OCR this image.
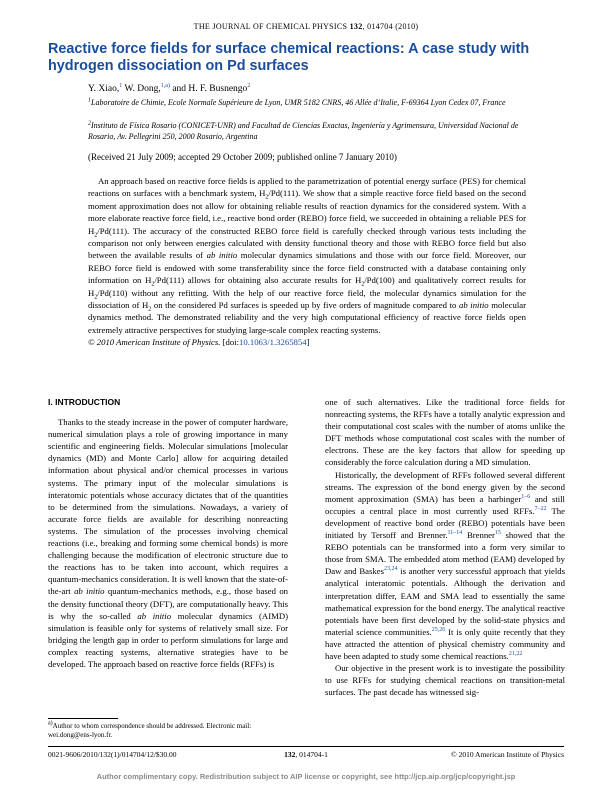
THE JOURNAL OF CHEMICAL PHYSICS 132, 014704 (2010)
Reactive force fields for surface chemical reactions: A case study with hydrogen dissociation on Pd surfaces
Y. Xiao,$^1$ W. Dong,$^{1,a)}$ and H. F. Busnengo$^2$
$^1$Laboratoire de Chimie, Ecole Normale Supérieure de Lyon, UMR 5182 CNRS, 46 Allée d’Italie, F-69364 Lyon Cedex 07, France
$^2$Instituto de Física Rosario (CONICET-UNR) and Facultad de Ciencias Exactas, Ingeniería y Agrimensura, Universidad Nacional de Rosario, Av. Pellegrini 250, 2000 Rosario, Argentina
(Received 21 July 2009; accepted 29 October 2009; published online 7 January 2010)

An approach based on reactive force fields is applied to the parametrization of potential energy surface (PES) for chemical reactions on surfaces with a benchmark system, $H_2/Pd(111)$. We show that a simple reactive force field based on the second moment approximation does not allow for obtaining reliable results of reaction dynamics for the considered system. With a more elaborate reactive force field, i.e., reactive bond order (REBO) force field, we succeeded in obtaining a reliable PES for $H_2/Pd(111)$. The accuracy of the constructed REBO force field is carefully checked through various tests including the comparison not only between energies calculated with density functional theory and those with REBO force field but also between the available results of ab initio molecular dynamics simulations and those with our force field. Moreover, our REBO force field is endowed with some transferability since the force field constructed with a database containing only information on $H_2/Pd(111)$ allows for obtaining also accurate results for $H_2/Pd(100)$ and qualitatively correct results for $H_2/Pd(110)$ without any refitting. With the help of our reactive force field, the molecular dynamics simulation for the dissociation of $H_2$ on the considered Pd surfaces is speeded up by five orders of magnitude compared to ab initio molecular dynamics method. The demonstrated reliability and the very high computational efficiency of reactive force fields open extremely attractive perspectives for studying large-scale complex reacting systems.
© 2010 American Institute of Physics. [doi:10.1063/1.3265854]

I. INTRODUCTION

Thanks to the steady increase in the power of computer hardware, numerical simulation plays a role of growing importance in many scientific and engineering fields. Molecular simulations [molecular dynamics (MD) and Monte Carlo] allow for acquiring detailed information about physical and/or chemical processes in various systems. The primary input of the molecular simulations is interatomic potentials whose accuracy dictates that of the quantities to be determined from the simulations. Nowadays, a variety of accurate force fields are available for describing nonreacting systems. The simulation of the processes involving chemical reactions (i.e., breaking and forming some chemical bonds) is more challenging because the modification of electronic structure due to the reactions has to be taken into account, which requires a quantum-mechanics consideration. It is well known that the state-of-the-art ab initio quantum-mechanics methods, e.g., those based on the density functional theory (DFT), are computationally heavy. This is why the so-called ab initio molecular dynamics (AIMD) simulation is feasible only for systems of relatively small size. For bridging the length gap in order to perform simulations for large and complex reacting systems, alternative strategies have to be developed. The approach based on reactive force fields (RFFs) is

one of such alternatives. Like the traditional force fields for nonreacting systems, the RFFs have a totally analytic expression and their computational cost scales with the number of atoms unlike the DFT methods whose computational cost scales with the number of electrons. These are the key factors that allow for speeding up considerably the force calculation during a MD simulation.

Historically, the development of RFFs followed several different streams. The expression of the bond energy given by the second moment approximation (SMA) has been a harbinger$^{1-6}$ and still occupies a central place in most currently used RFFs.$^{7-22}$ The development of reactive bond order (REBO) potentials have been initiated by Tersoff and Brenner.$^{11-14}$ Brenner$^{15}$ showed that the REBO potentials can be transformed into a form very similar to those from SMA. The embedded atom method (EAM) developed by Daw and Baskes$^{23,24}$ is another very successful approach that yields analytical interatomic potentials. Although the derivation and interpretation differ, EAM and SMA lead to essentially the same mathematical expression for the bond energy. The analytical reactive potentials have been first developed by the solid-state physics and material science communities.$^{25,26}$ It is only quite recently that they have attracted the attention of physical chemistry community and have been adapted to study some chemical reactions.$^{21,22}$

Our objective in the present work is to investigate the possibility to use RFFs for studying chemical reactions on transition-metal surfaces. The past decade has witnessed sig-

$^{a)}$Author to whom correspondence should be addressed. Electronic mail: wei.dong@ens-lyon.fr.
0021-9606/2010/132(1)/014704/12/$30.00	132, 014704-1	© 2010 American Institute of Physics
Author complimentary copy. Redistribution subject to AIP license or copyright, see http://jcp.aip.org/jcp/copyright.jsp
